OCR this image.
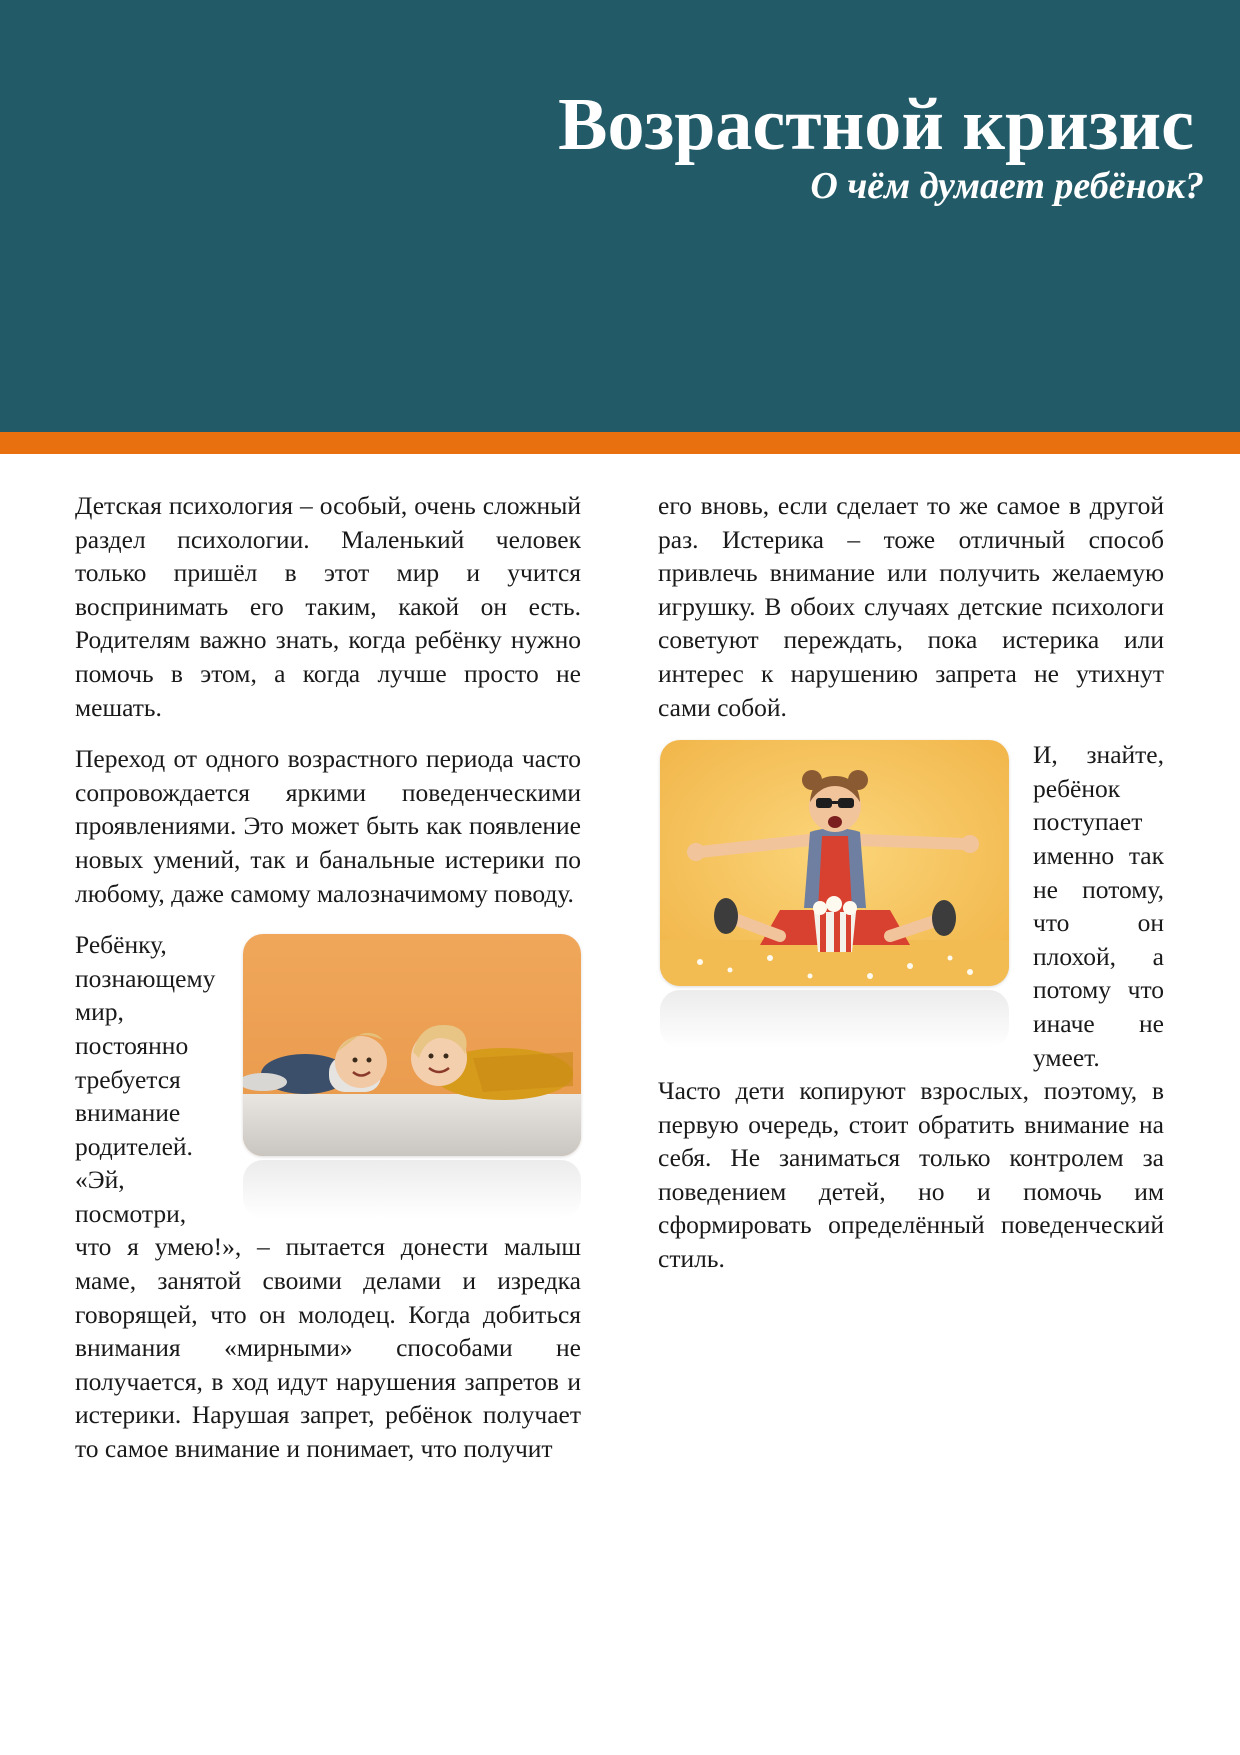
Возрастной кризис
О чём думает ребёнок?

Детская психология – особый, очень сложный раздел психологии. Маленький человек только пришёл в этот мир и учится воспринимать его таким, какой он есть. Родителям важно знать, когда ребёнку нужно помочь в этом, а когда лучше просто не мешать.

Переход от одного возрастного периода часто сопровождается яркими поведенческими проявлениями. Это может быть как появление новых умений, так и банальные истерики по любому, даже самому малозначимому поводу.

Ребёнку, познающему мир, постоянно требуется внимание родителей. «Эй, посмотри, что я умею!», – пытается донести малыш маме, занятой своими делами и изредка говорящей, что он молодец. Когда добиться внимания «мирными» способами не получается, в ход идут нарушения запретов и истерики. Нарушая запрет, ребёнок получает то самое внимание и понимает, что получит

его вновь, если сделает то же самое в другой раз. Истерика – тоже отличный способ привлечь внимание или получить желаемую игрушку. В обоих случаях детские психологи советуют переждать, пока истерика или интерес к нарушению запрета не утихнут сами собой.

И, знайте, ребёнок поступает именно так не потому, что он плохой, а потому что иначе не умеет. Часто дети копируют взрослых, поэтому, в первую очередь, стоит обратить внимание на себя. Не заниматься только контролем за поведением детей, но и помочь им сформировать определённый поведенческий стиль.
